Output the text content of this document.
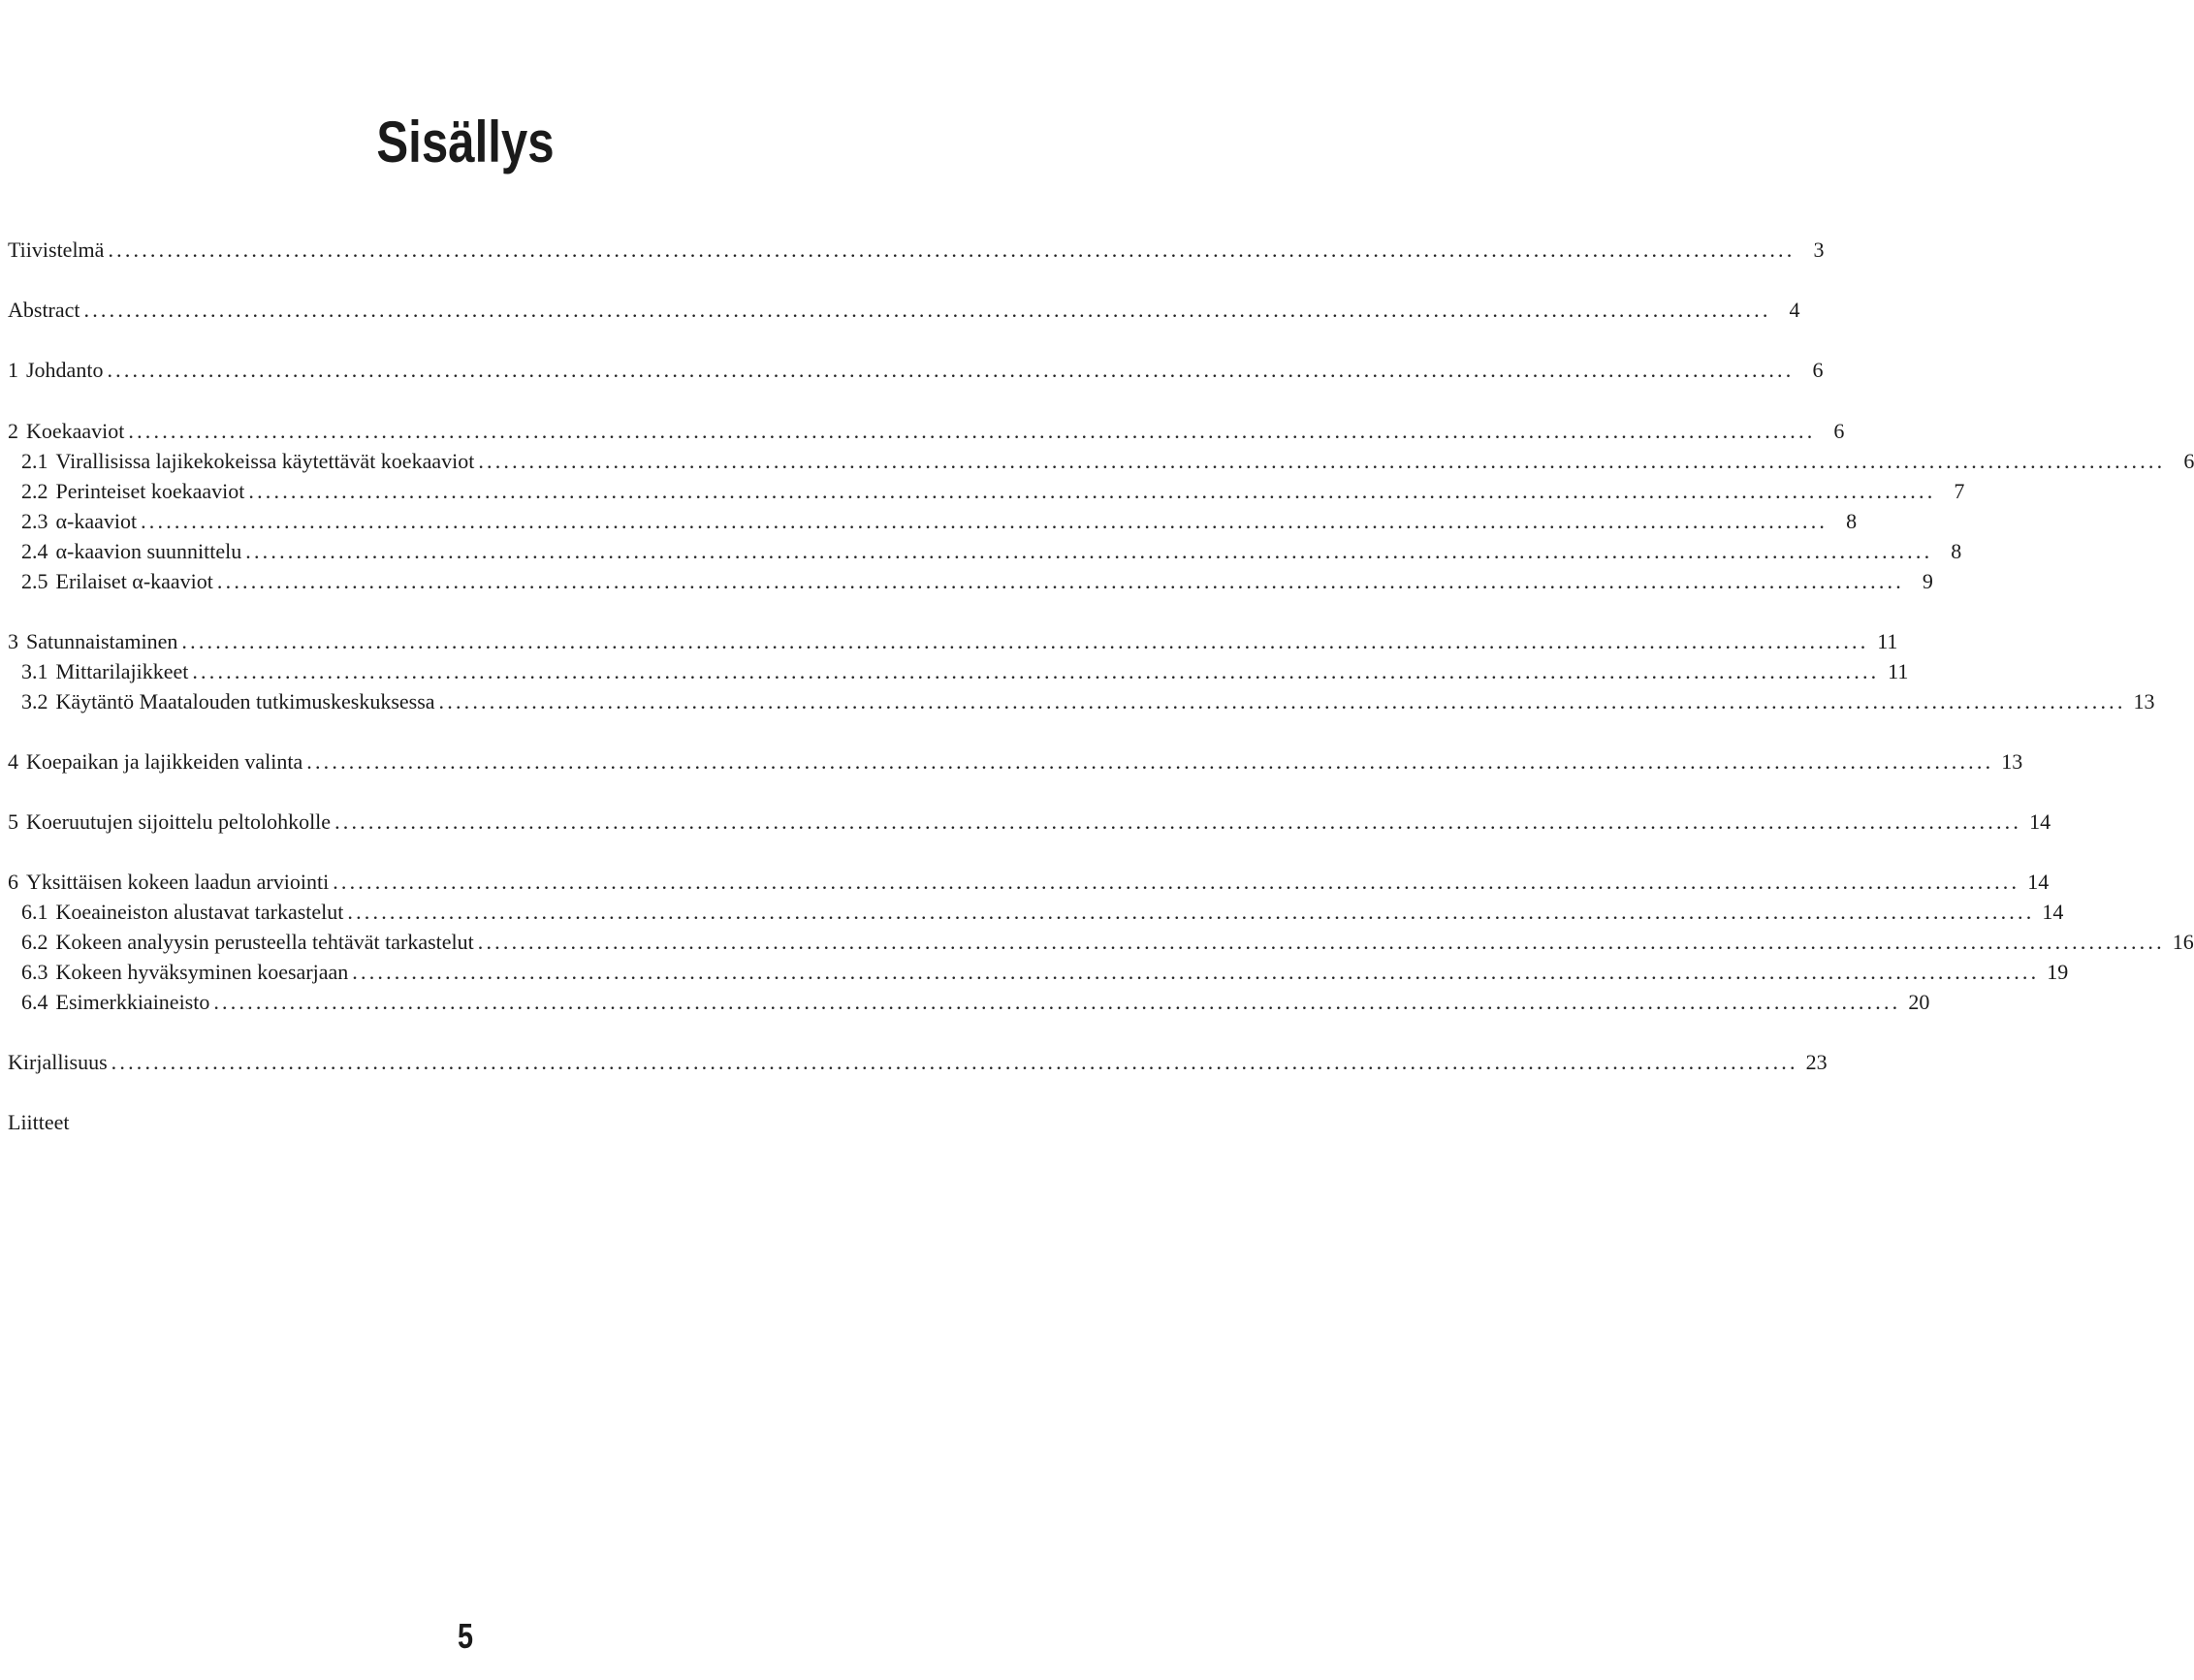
Sisällys
Tiivistelmä ........................................................................................................................................................................................................ 3
Abstract ........................................................................................................................................................................................................ 4
1 Johdanto ........................................................................................................................................................................................................ 6
2 Koekaaviot ........................................................................................................................................................................................................ 6
2.1 Virallisissa lajikekokeissa käytettävät koekaaviot ........................................................................................................................................................................................................ 6
2.2 Perinteiset koekaaviot ........................................................................................................................................................................................................ 7
2.3 α-kaaviot ........................................................................................................................................................................................................ 8
2.4 α-kaavion suunnittelu ........................................................................................................................................................................................................ 8
2.5 Erilaiset α-kaaviot ........................................................................................................................................................................................................ 9
3 Satunnaistaminen ........................................................................................................................................................................................................ 11
3.1 Mittarilajikkeet ........................................................................................................................................................................................................ 11
3.2 Käytäntö Maatalouden tutkimuskeskuksessa ........................................................................................................................................................................................................ 13
4 Koepaikan ja lajikkeiden valinta ........................................................................................................................................................................................................ 13
5 Koeruutujen sijoittelu peltolohkolle ........................................................................................................................................................................................................ 14
6 Yksittäisen kokeen laadun arviointi ........................................................................................................................................................................................................ 14
6.1 Koeaineiston alustavat tarkastelut ........................................................................................................................................................................................................ 14
6.2 Kokeen analyysin perusteella tehtävät tarkastelut ........................................................................................................................................................................................................ 16
6.3 Kokeen hyväksyminen koesarjaan ........................................................................................................................................................................................................ 19
6.4 Esimerkkiaineisto ........................................................................................................................................................................................................ 20
Kirjallisuus ........................................................................................................................................................................................................ 23
Liitteet
5
